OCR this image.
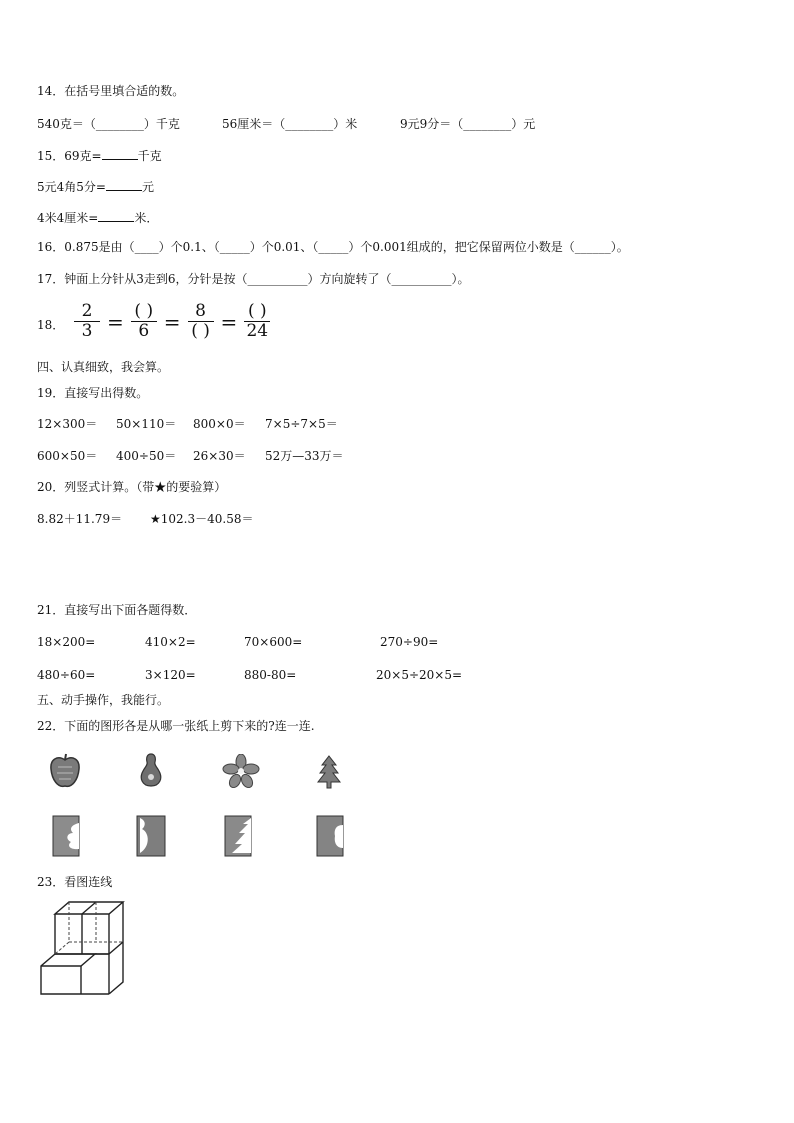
14．在括号里填合适的数。
540克＝（________）千克	56厘米＝（________）米	9元9分＝（________）元
15．69克=	千克
5元4角5分=	元
4米4厘米=	米．
16．0.875是由（____）个0.1、（_____）个0.01、（_____）个0.001组成的，把它保留两位小数是（______）。
17．钟面上分针从3走到6，分针是按（__________）方向旋转了（__________）。
18．
2
3 = ( )
6 = 8
( ) = ( )
24
四、认真细致，我会算。
19．直接写出得数。
12×300＝ 50×110＝ 800×0＝ 7×5÷7×5＝
600×50＝ 400÷50＝ 26×30＝ 52万—33万＝
20．列竖式计算。（带★的要验算）
8.82＋11.79＝ ★102.3－40.58＝
21．直接写出下面各题得数．
18×200=	410×2=	70×600=	270÷90=
480÷60=	3×120=	880-80=	20×5÷20×5=
五、动手操作，我能行。
22．下面的图形各是从哪一张纸上剪下来的?连一连.
23．看图连线
